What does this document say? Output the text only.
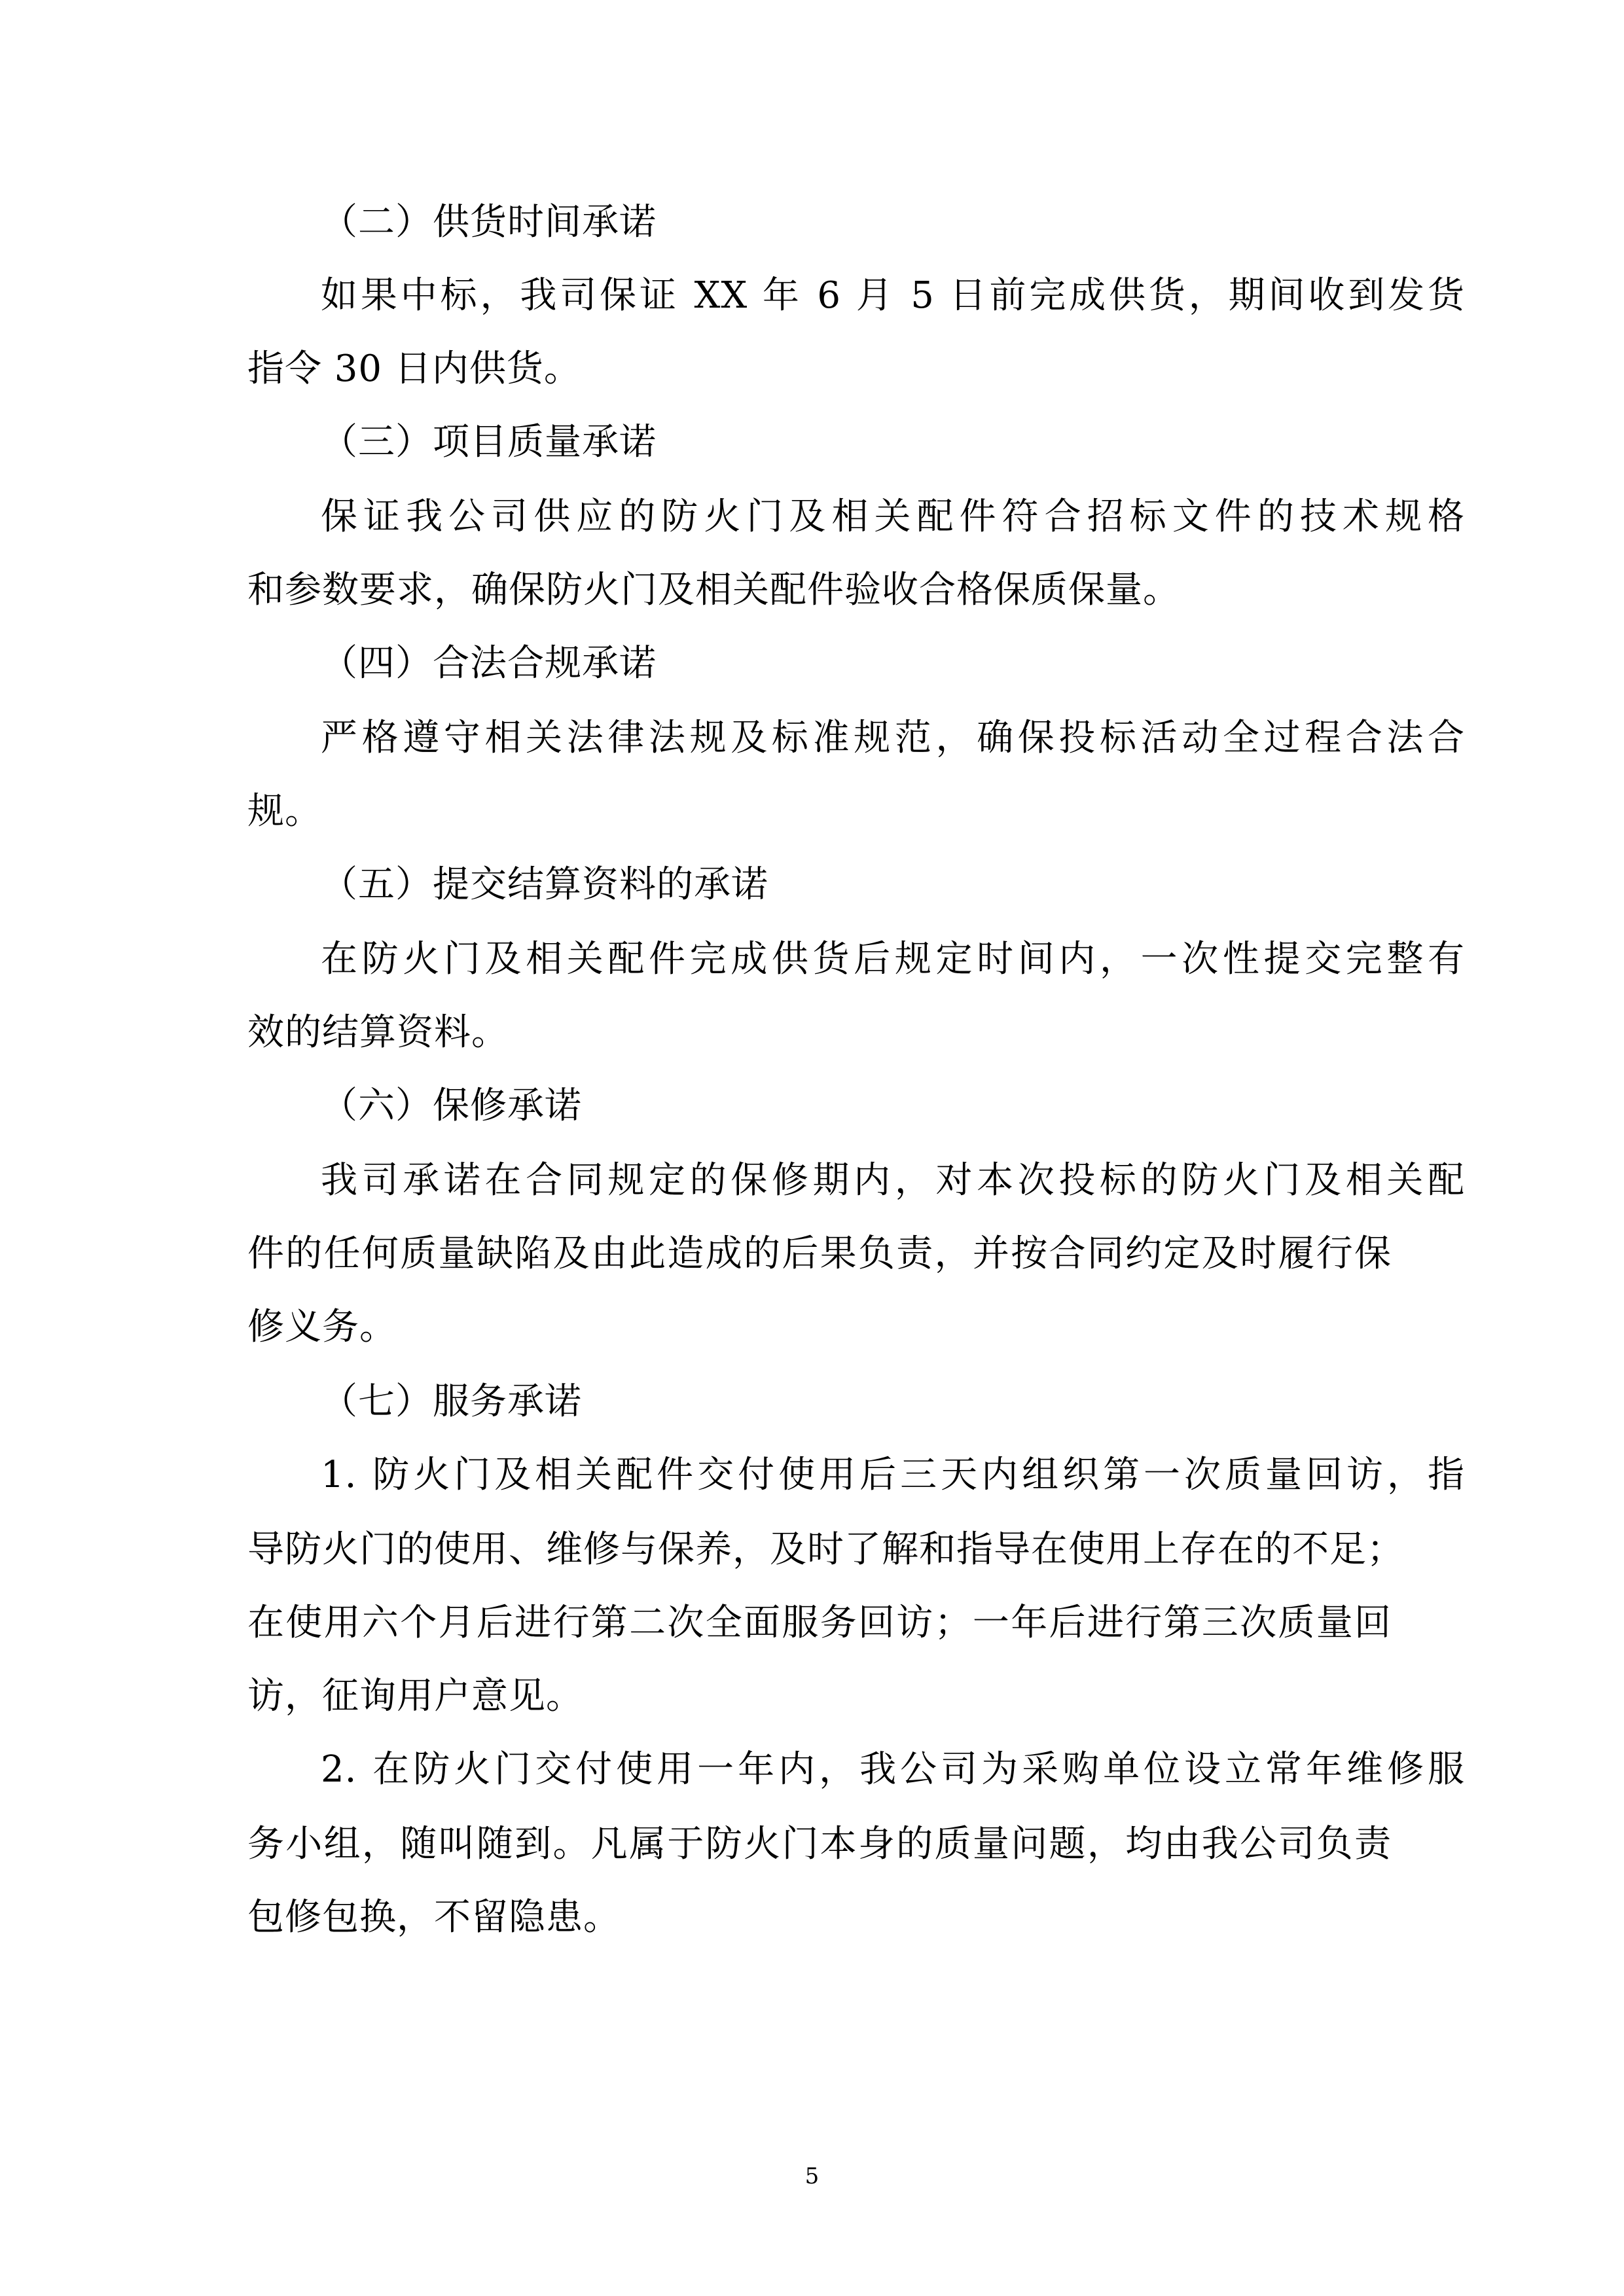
（二）供货时间承诺
如果中标，我司保证 XX 年 6 月 5 日前完成供货，期间收到发货
指令 30 日内供货。
（三）项目质量承诺
保证我公司供应的防火门及相关配件符合招标文件的技术规格
和参数要求，确保防火门及相关配件验收合格保质保量。
（四）合法合规承诺
严格遵守相关法律法规及标准规范，确保投标活动全过程合法合
规。
（五）提交结算资料的承诺
在防火门及相关配件完成供货后规定时间内，一次性提交完整有
效的结算资料。
（六）保修承诺
我司承诺在合同规定的保修期内，对本次投标的防火门及相关配
件的任何质量缺陷及由此造成的后果负责，并按合同约定及时履行保
修义务。
（七）服务承诺
1. 防火门及相关配件交付使用后三天内组织第一次质量回访，指
导防火门的使用、维修与保养，及时了解和指导在使用上存在的不足；
在使用六个月后进行第二次全面服务回访；一年后进行第三次质量回
访，征询用户意见。
2. 在防火门交付使用一年内，我公司为采购单位设立常年维修服
务小组，随叫随到。凡属于防火门本身的质量问题，均由我公司负责
包修包换，不留隐患。
5
